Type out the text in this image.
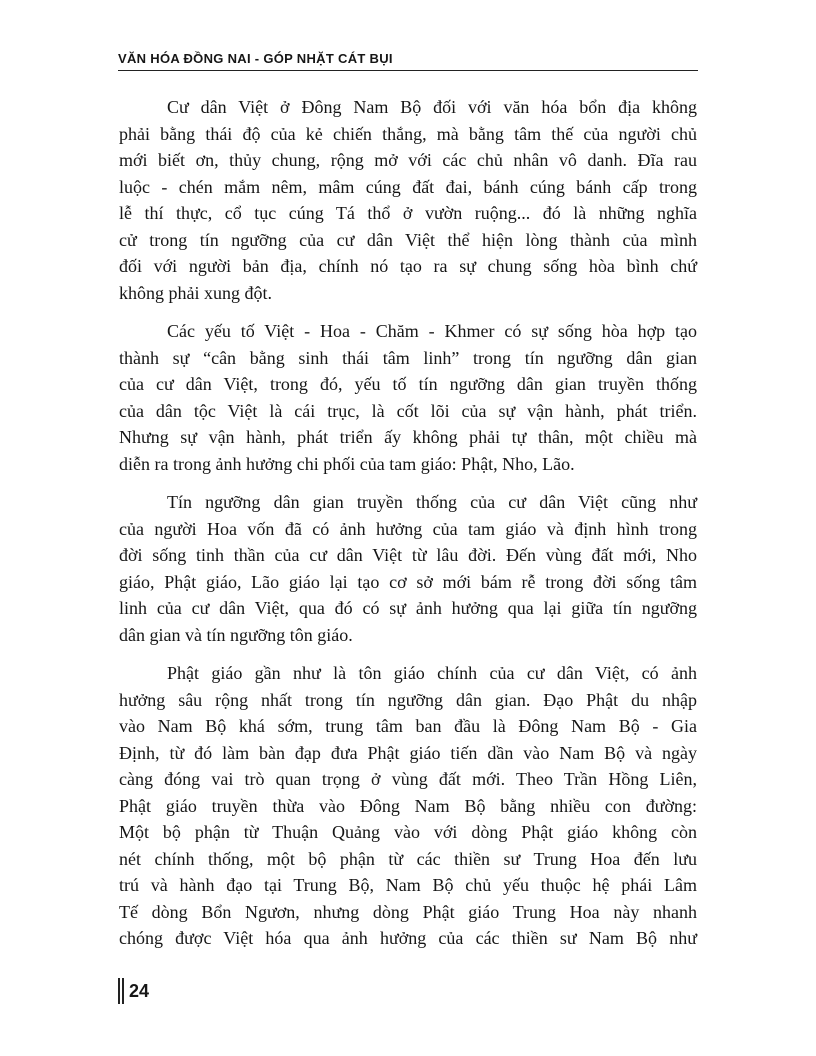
VĂN HÓA ĐỒNG NAI - GÓP NHẶT CÁT BỤI
Cư dân Việt ở Đông Nam Bộ đối với văn hóa bổn địa không
phải bằng thái độ của kẻ chiến thắng, mà bằng tâm thế của người chủ
mới biết ơn, thủy chung, rộng mở với các chủ nhân vô danh. Đĩa rau
luộc - chén mắm nêm, mâm cúng đất đai, bánh cúng bánh cấp trong
lễ thí thực, cổ tục cúng Tá thổ ở vườn ruộng... đó là những nghĩa
cử trong tín ngưỡng của cư dân Việt thể hiện lòng thành của mình
đối với người bản địa, chính nó tạo ra sự chung sống hòa bình chứ
không phải xung đột.
Các yếu tố Việt - Hoa - Chăm - Khmer có sự sống hòa hợp tạo
thành sự “cân bằng sinh thái tâm linh” trong tín ngưỡng dân gian
của cư dân Việt, trong đó, yếu tố tín ngưỡng dân gian truyền thống
của dân tộc Việt là cái trục, là cốt lõi của sự vận hành, phát triển.
Nhưng sự vận hành, phát triển ấy không phải tự thân, một chiều mà
diễn ra trong ảnh hưởng chi phối của tam giáo: Phật, Nho, Lão.
Tín ngưỡng dân gian truyền thống của cư dân Việt cũng như
của người Hoa vốn đã có ảnh hưởng của tam giáo và định hình trong
đời sống tinh thần của cư dân Việt từ lâu đời. Đến vùng đất mới, Nho
giáo, Phật giáo, Lão giáo lại tạo cơ sở mới bám rễ trong đời sống tâm
linh của cư dân Việt, qua đó có sự ảnh hưởng qua lại giữa tín ngưỡng
dân gian và tín ngưỡng tôn giáo.
Phật giáo gần như là tôn giáo chính của cư dân Việt, có ảnh
hưởng sâu rộng nhất trong tín ngưỡng dân gian. Đạo Phật du nhập
vào Nam Bộ khá sớm, trung tâm ban đầu là Đông Nam Bộ - Gia
Định, từ đó làm bàn đạp đưa Phật giáo tiến dần vào Nam Bộ và ngày
càng đóng vai trò quan trọng ở vùng đất mới. Theo Trần Hồng Liên,
Phật giáo truyền thừa vào Đông Nam Bộ bằng nhiều con đường:
Một bộ phận từ Thuận Quảng vào với dòng Phật giáo không còn
nét chính thống, một bộ phận từ các thiền sư Trung Hoa đến lưu
trú và hành đạo tại Trung Bộ, Nam Bộ chủ yếu thuộc hệ phái Lâm
Tế dòng Bổn Ngươn, nhưng dòng Phật giáo Trung Hoa này nhanh
chóng được Việt hóa qua ảnh hưởng của các thiền sư Nam Bộ như
24
